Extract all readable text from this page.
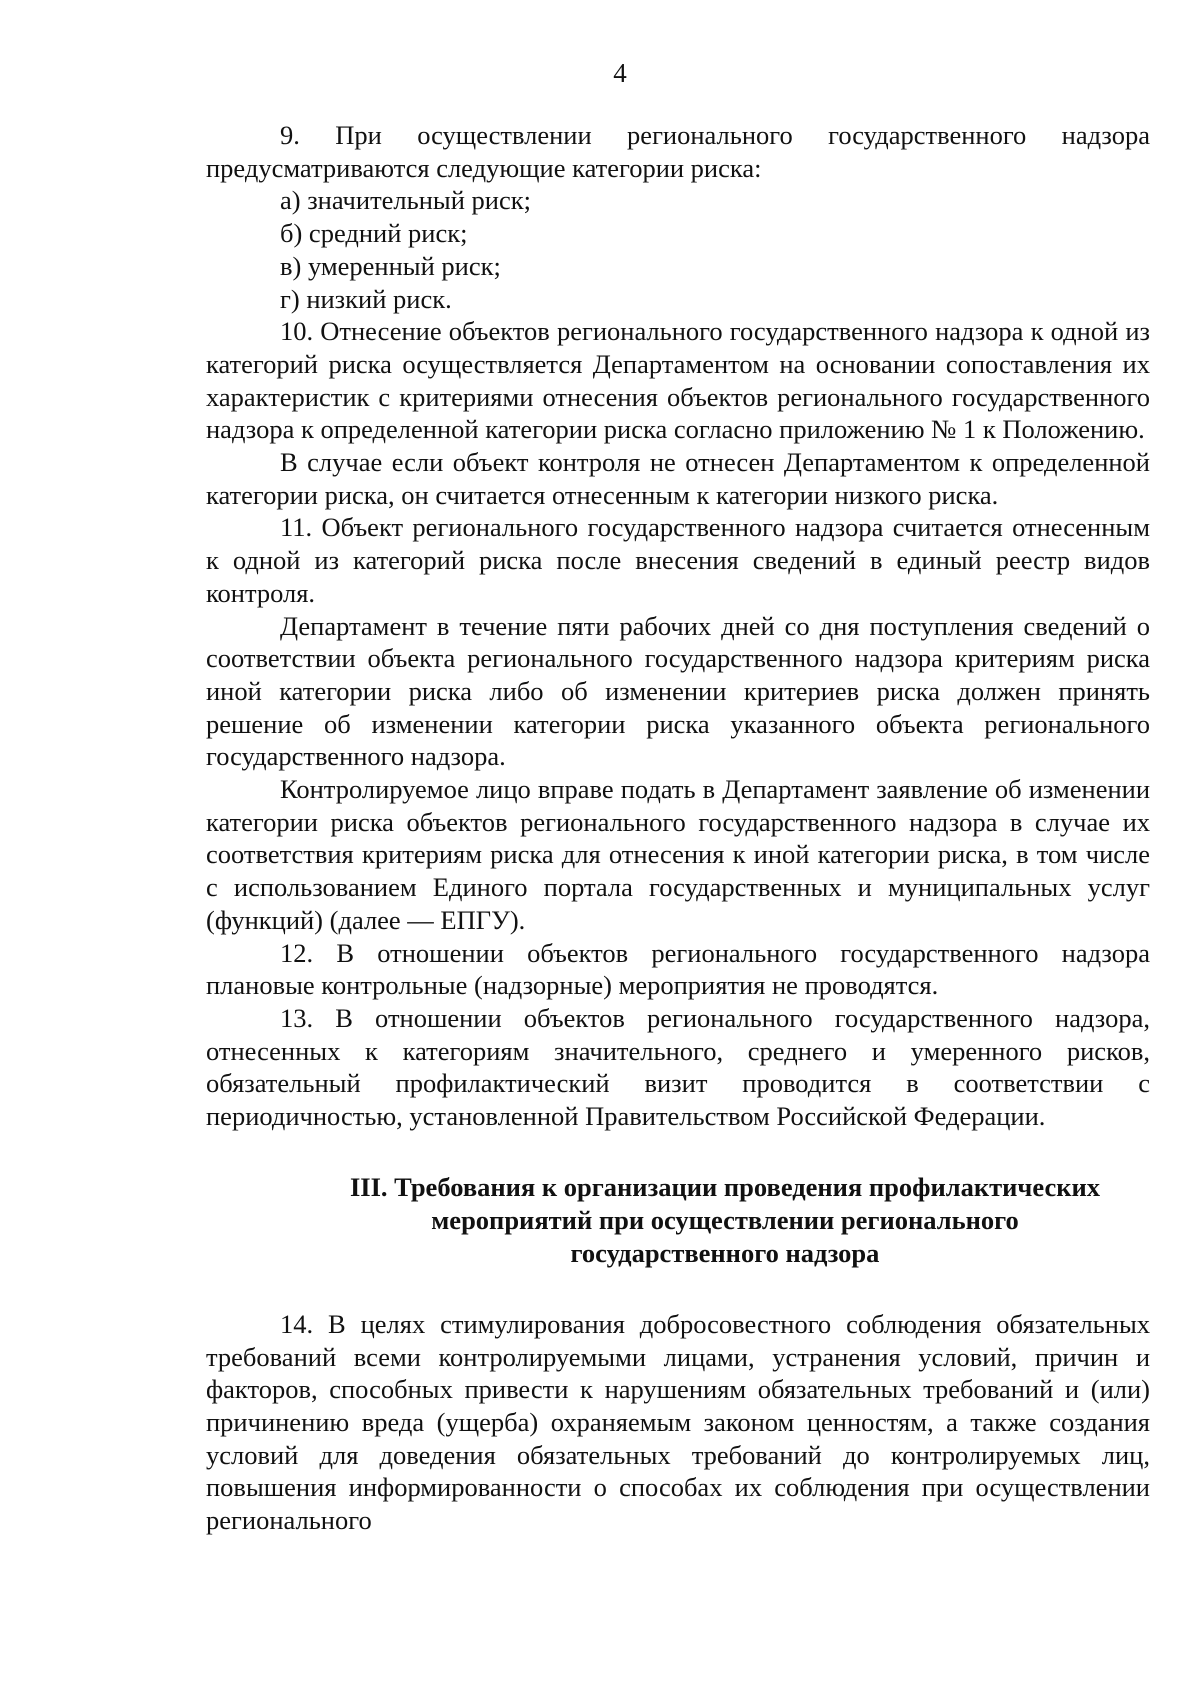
4

9. При осуществлении регионального государственного надзора предусматриваются следующие категории риска:

а) значительный риск;

б) средний риск;

в) умеренный риск;

г) низкий риск.

10. Отнесение объектов регионального государственного надзора к одной из категорий риска осуществляется Департаментом на основании сопоставления их характеристик с критериями отнесения объектов регионального государственного надзора к определенной категории риска согласно приложению № 1 к Положению.

В случае если объект контроля не отнесен Департаментом к определенной категории риска, он считается отнесенным к категории низкого риска.

11. Объект регионального государственного надзора считается отнесенным к одной из категорий риска после внесения сведений в единый реестр видов контроля.

Департамент в течение пяти рабочих дней со дня поступления сведений о соответствии объекта регионального государственного надзора критериям риска иной категории риска либо об изменении критериев риска должен принять решение об изменении категории риска указанного объекта регионального государственного надзора.

Контролируемое лицо вправе подать в Департамент заявление об изменении категории риска объектов регионального государственного надзора в случае их соответствия критериям риска для отнесения к иной категории риска, в том числе с использованием Единого портала государственных и муниципальных услуг (функций) (далее — ЕПГУ).

12. В отношении объектов регионального государственного надзора плановые контрольные (надзорные) мероприятия не проводятся.

13. В отношении объектов регионального государственного надзора, отнесенных к категориям значительного, среднего и умеренного рисков, обязательный профилактический визит проводится в соответствии с периодичностью, установленной Правительством Российской Федерации.

III. Требования к организации проведения профилактических
мероприятий при осуществлении регионального
государственного надзора

14. В целях стимулирования добросовестного соблюдения обязательных требований всеми контролируемыми лицами, устранения условий, причин и факторов, способных привести к нарушениям обязательных требований и (или) причинению вреда (ущерба) охраняемым законом ценностям, а также создания условий для доведения обязательных требований до контролируемых лиц, повышения информированности о способах их соблюдения при осуществлении регионального
